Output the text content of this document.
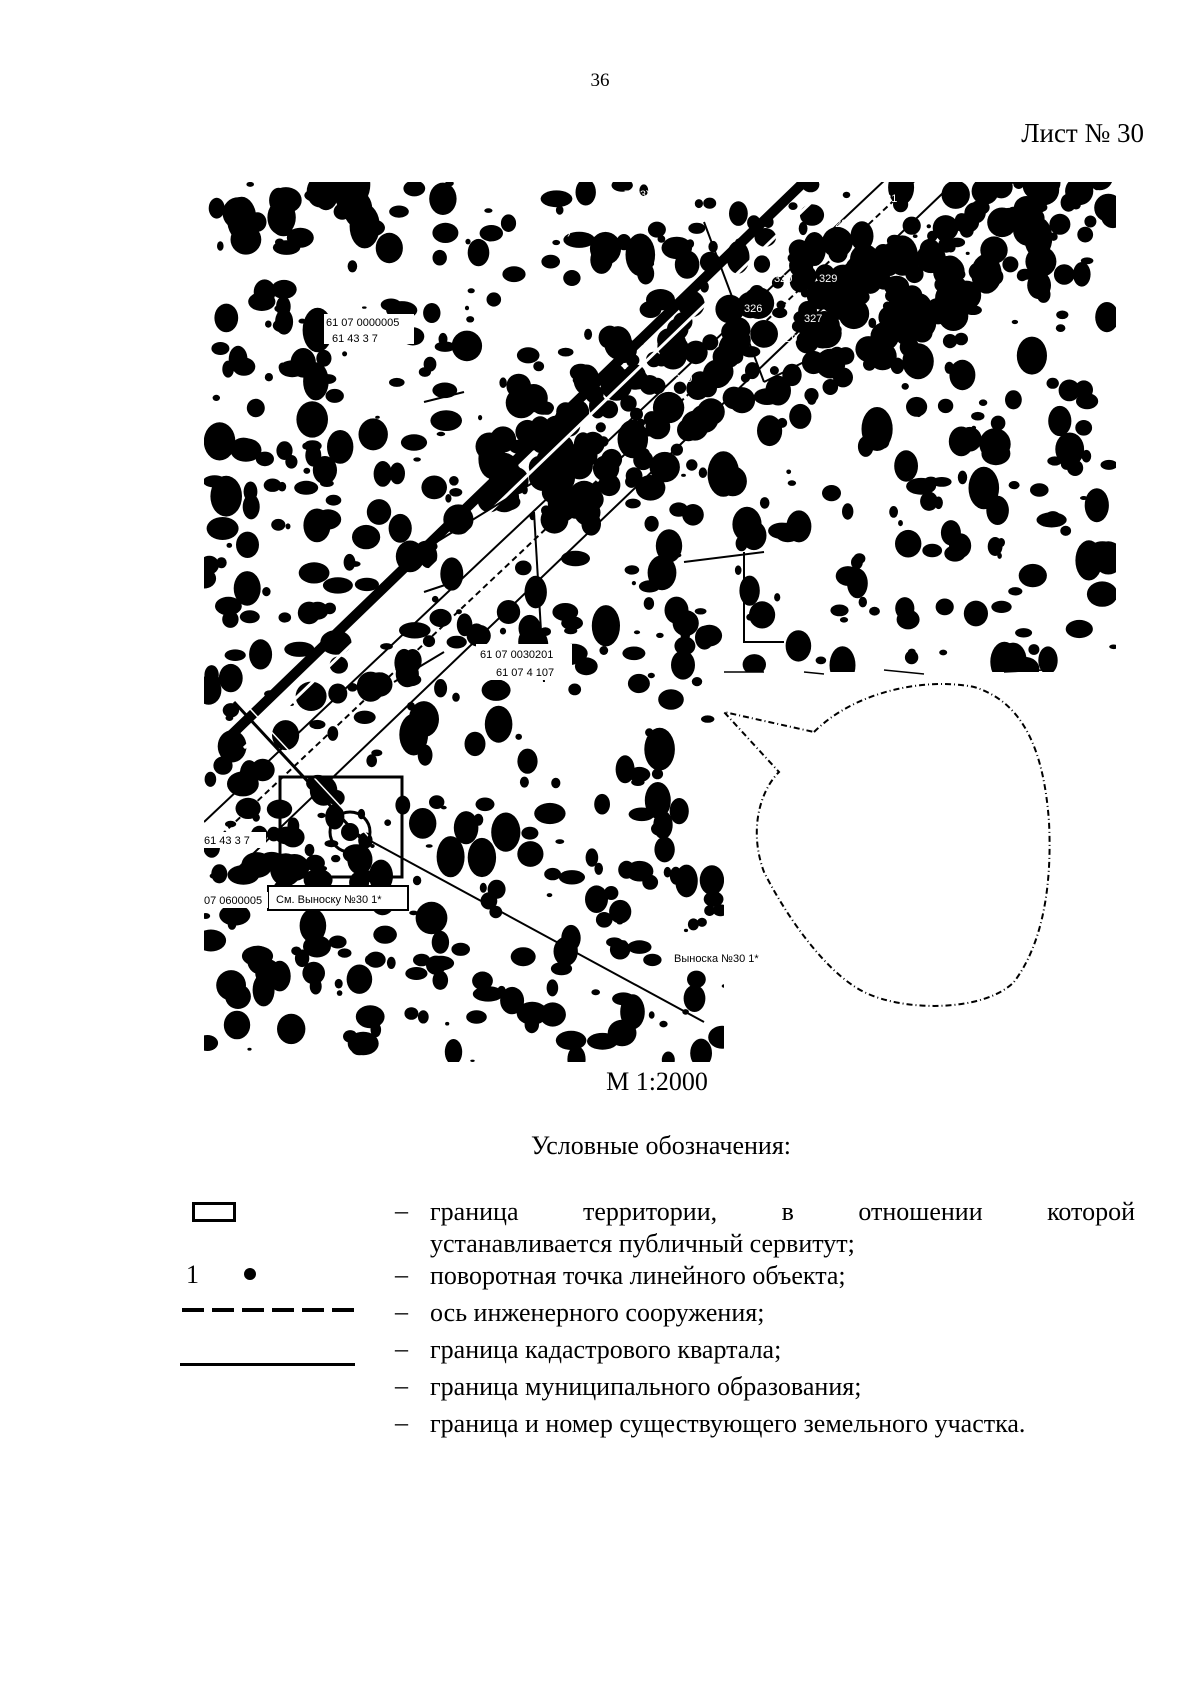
36
Лист № 30
См. Выноску №30 1*
61 07 0000005
61 43 3 7
61 07 0030201
61 07 4 107
61 43 3 7
07 0600005
Выноска №30 1*
7(63)
911(44)
321
322
320 329
326
327
324
329
330
М 1:2000
Условные обозначения:
– граница территории, в отношении которой
устанавливается публичный сервитут;
1	– поворотная точка линейного объекта;
– ось инженерного сооружения;
– граница кадастрового квартала;
– граница муниципального образования;
– граница и номер существующего земельного участка.
